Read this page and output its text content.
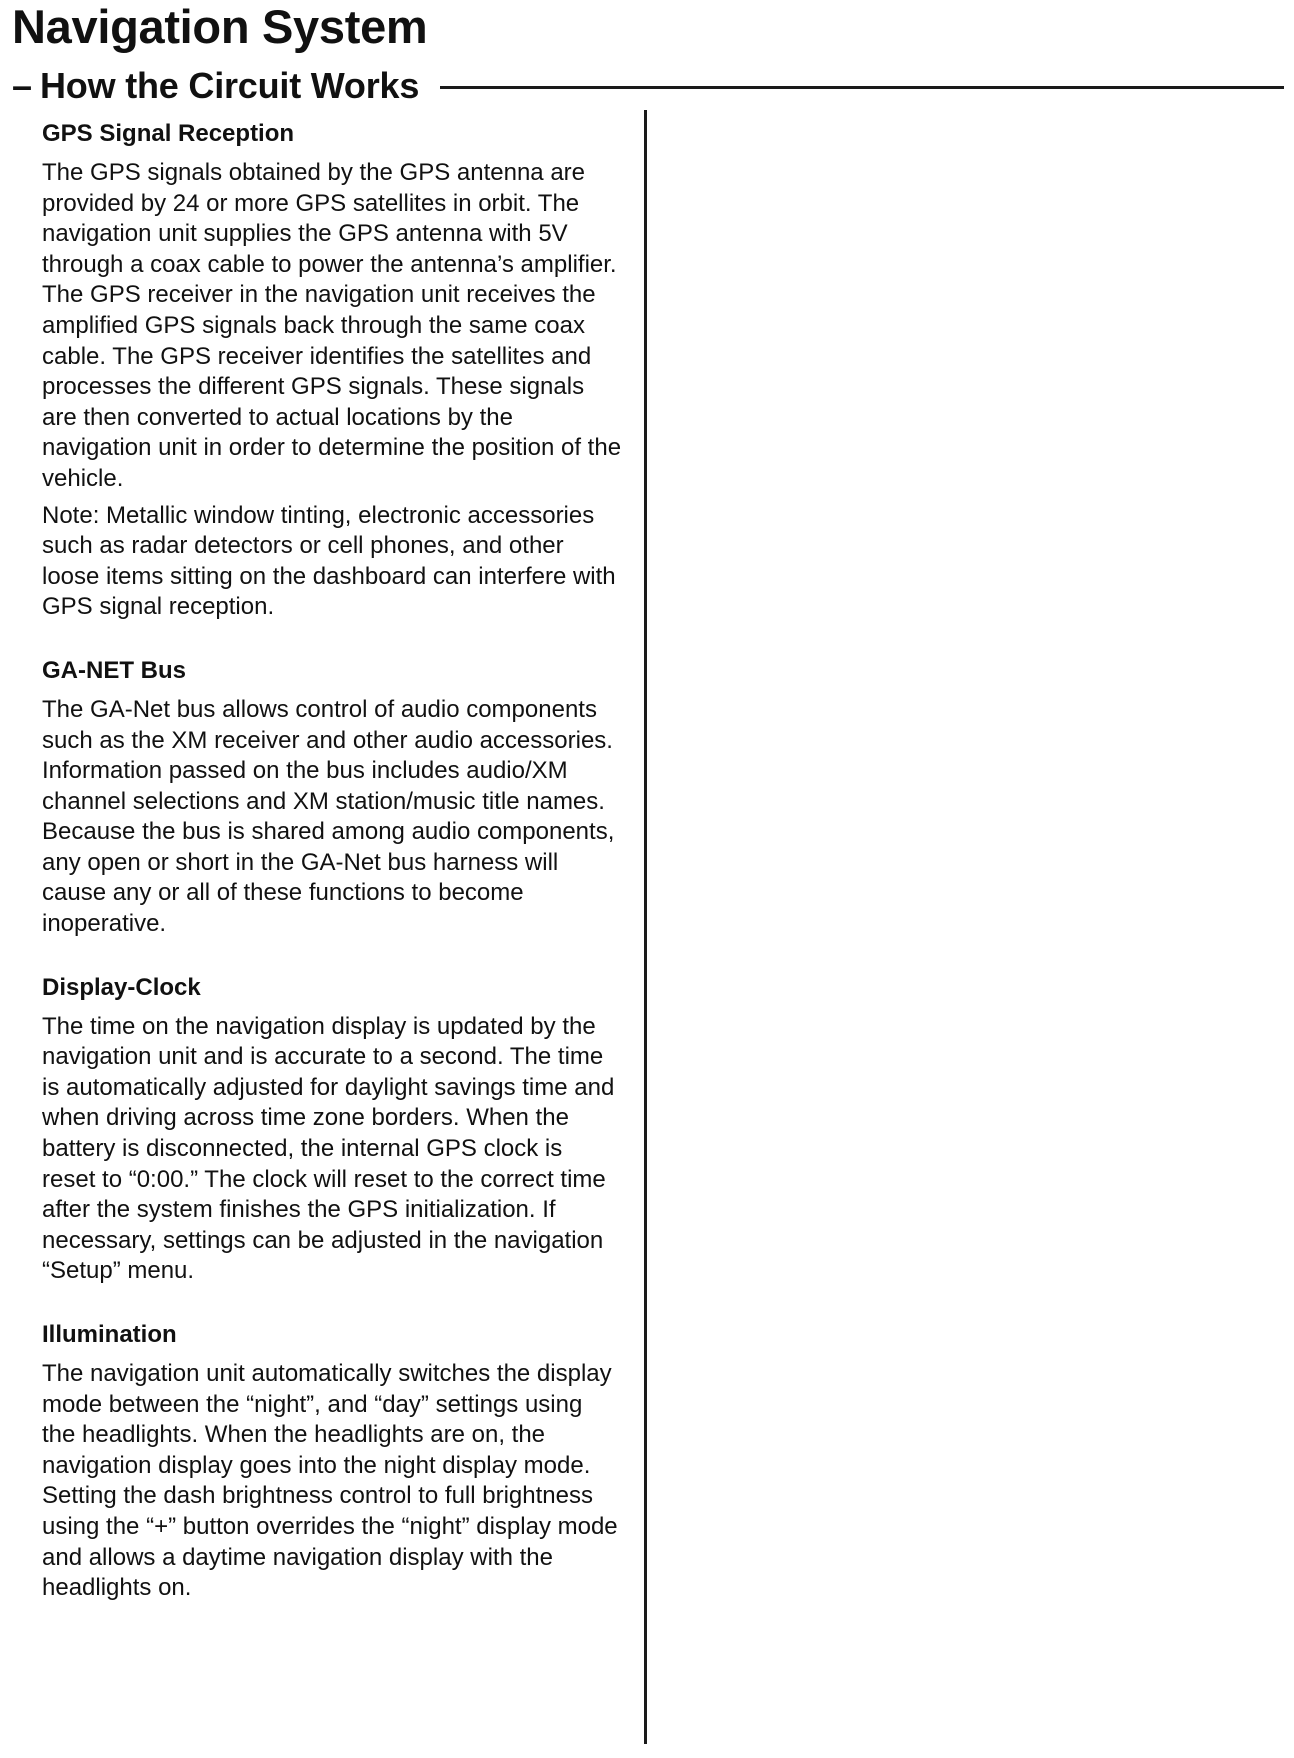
Navigation System
– How the Circuit Works
GPS Signal Reception

The GPS signals obtained by the GPS antenna are provided by 24 or more GPS satellites in orbit. The navigation unit supplies the GPS antenna with 5V through a coax cable to power the antenna’s amplifier. The GPS receiver in the navigation unit receives the amplified GPS signals back through the same coax cable. The GPS receiver identifies the satellites and processes the different GPS signals. These signals are then converted to actual locations by the navigation unit in order to determine the position of the vehicle.

Note: Metallic window tinting, electronic accessories such as radar detectors or cell phones, and other loose items sitting on the dashboard can interfere with GPS signal reception.

GA-NET Bus

The GA-Net bus allows control of audio components such as the XM receiver and other audio accessories. Information passed on the bus includes audio/XM channel selections and XM station/music title names. Because the bus is shared among audio components, any open or short in the GA-Net bus harness will cause any or all of these functions to become inoperative.

Display-Clock

The time on the navigation display is updated by the navigation unit and is accurate to a second. The time is automatically adjusted for daylight savings time and when driving across time zone borders. When the battery is disconnected, the internal GPS clock is reset to “0:00.” The clock will reset to the correct time after the system finishes the GPS initialization. If necessary, settings can be adjusted in the navigation “Setup” menu.

Illumination

The navigation unit automatically switches the display mode between the “night”, and “day” settings using the headlights. When the headlights are on, the navigation display goes into the night display mode. Setting the dash brightness control to full brightness using the “+” button overrides the “night” display mode and allows a daytime navigation display with the headlights on.
